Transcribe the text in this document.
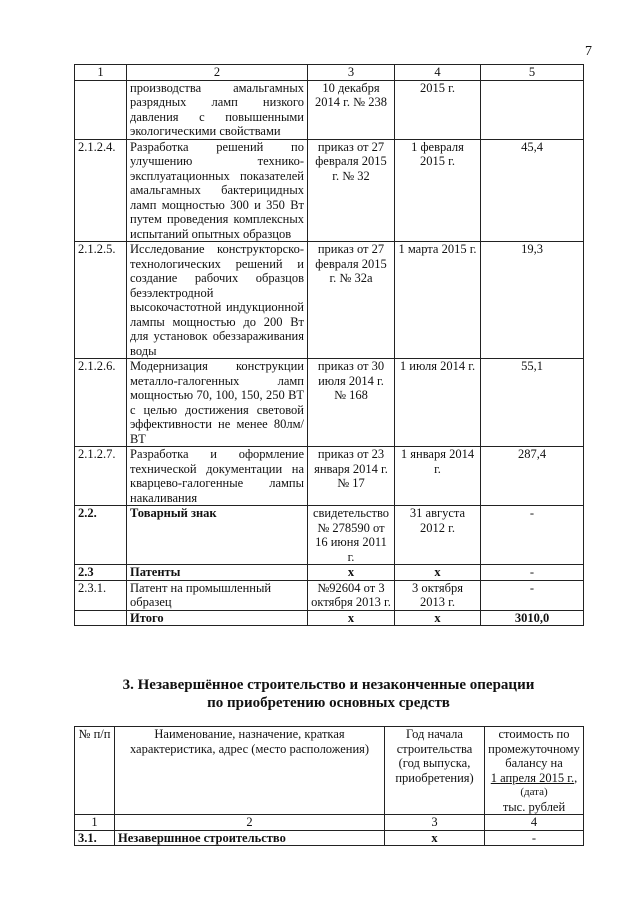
7
1	2	3	4	5
	производства амальгамных разрядных ламп низкого давления с повышенными экологическими свойствами	10 декабря 2014 г. № 238	2015 г.	
2.1.2.4.	Разработка решений по улучшению технико-эксплуатационных показателей амальгамных бактерицидных ламп мощностью 300 и 350 Вт путем проведения комплексных испытаний опытных образцов	приказ от 27 февраля 2015 г. № 32	1 февраля 2015 г.	45,4
2.1.2.5.	Исследование конструкторско-технологических решений и создание рабочих образцов безэлектродной высокочастотной индукционной лампы мощностью до 200 Вт для установок обеззараживания воды	приказ от 27 февраля 2015 г. № 32а	1 марта 2015 г.	19,3
2.1.2.6.	Модернизация конструкции металло-галогенных ламп мощностью 70, 100, 150, 250 ВТ с целью достижения световой эффективности не менее 80лм/ВТ	приказ от 30 июля 2014 г. № 168	1 июля 2014 г.	55,1
2.1.2.7.	Разработка и оформление технической документации на кварцево-галогенные лампы накаливания	приказ от 23 января 2014 г. № 17	1 января 2014 г.	287,4
2.2.	Товарный знак	свидетельство № 278590 от 16 июня 2011 г.	31 августа 2012 г.	-
2.3	Патенты	х	х	-
2.3.1.	Патент на промышленный образец	№92604 от 3 октября 2013 г.	3 октября 2013 г.	-
	Итого	х	х	3010,0
3. Незавершённое строительство и незаконченные операции
по приобретению основных средств
№ п/п	Наименование, назначение, краткая характеристика, адрес (место расположения)	Год начала строительства (год выпуска, приобретения)	стоимость по промежуточному балансу на
1 апреля 2015 г.,
(дата)
тыс. рублей

1	2	3	4
3.1.	Незавершнное строительство	х	-
